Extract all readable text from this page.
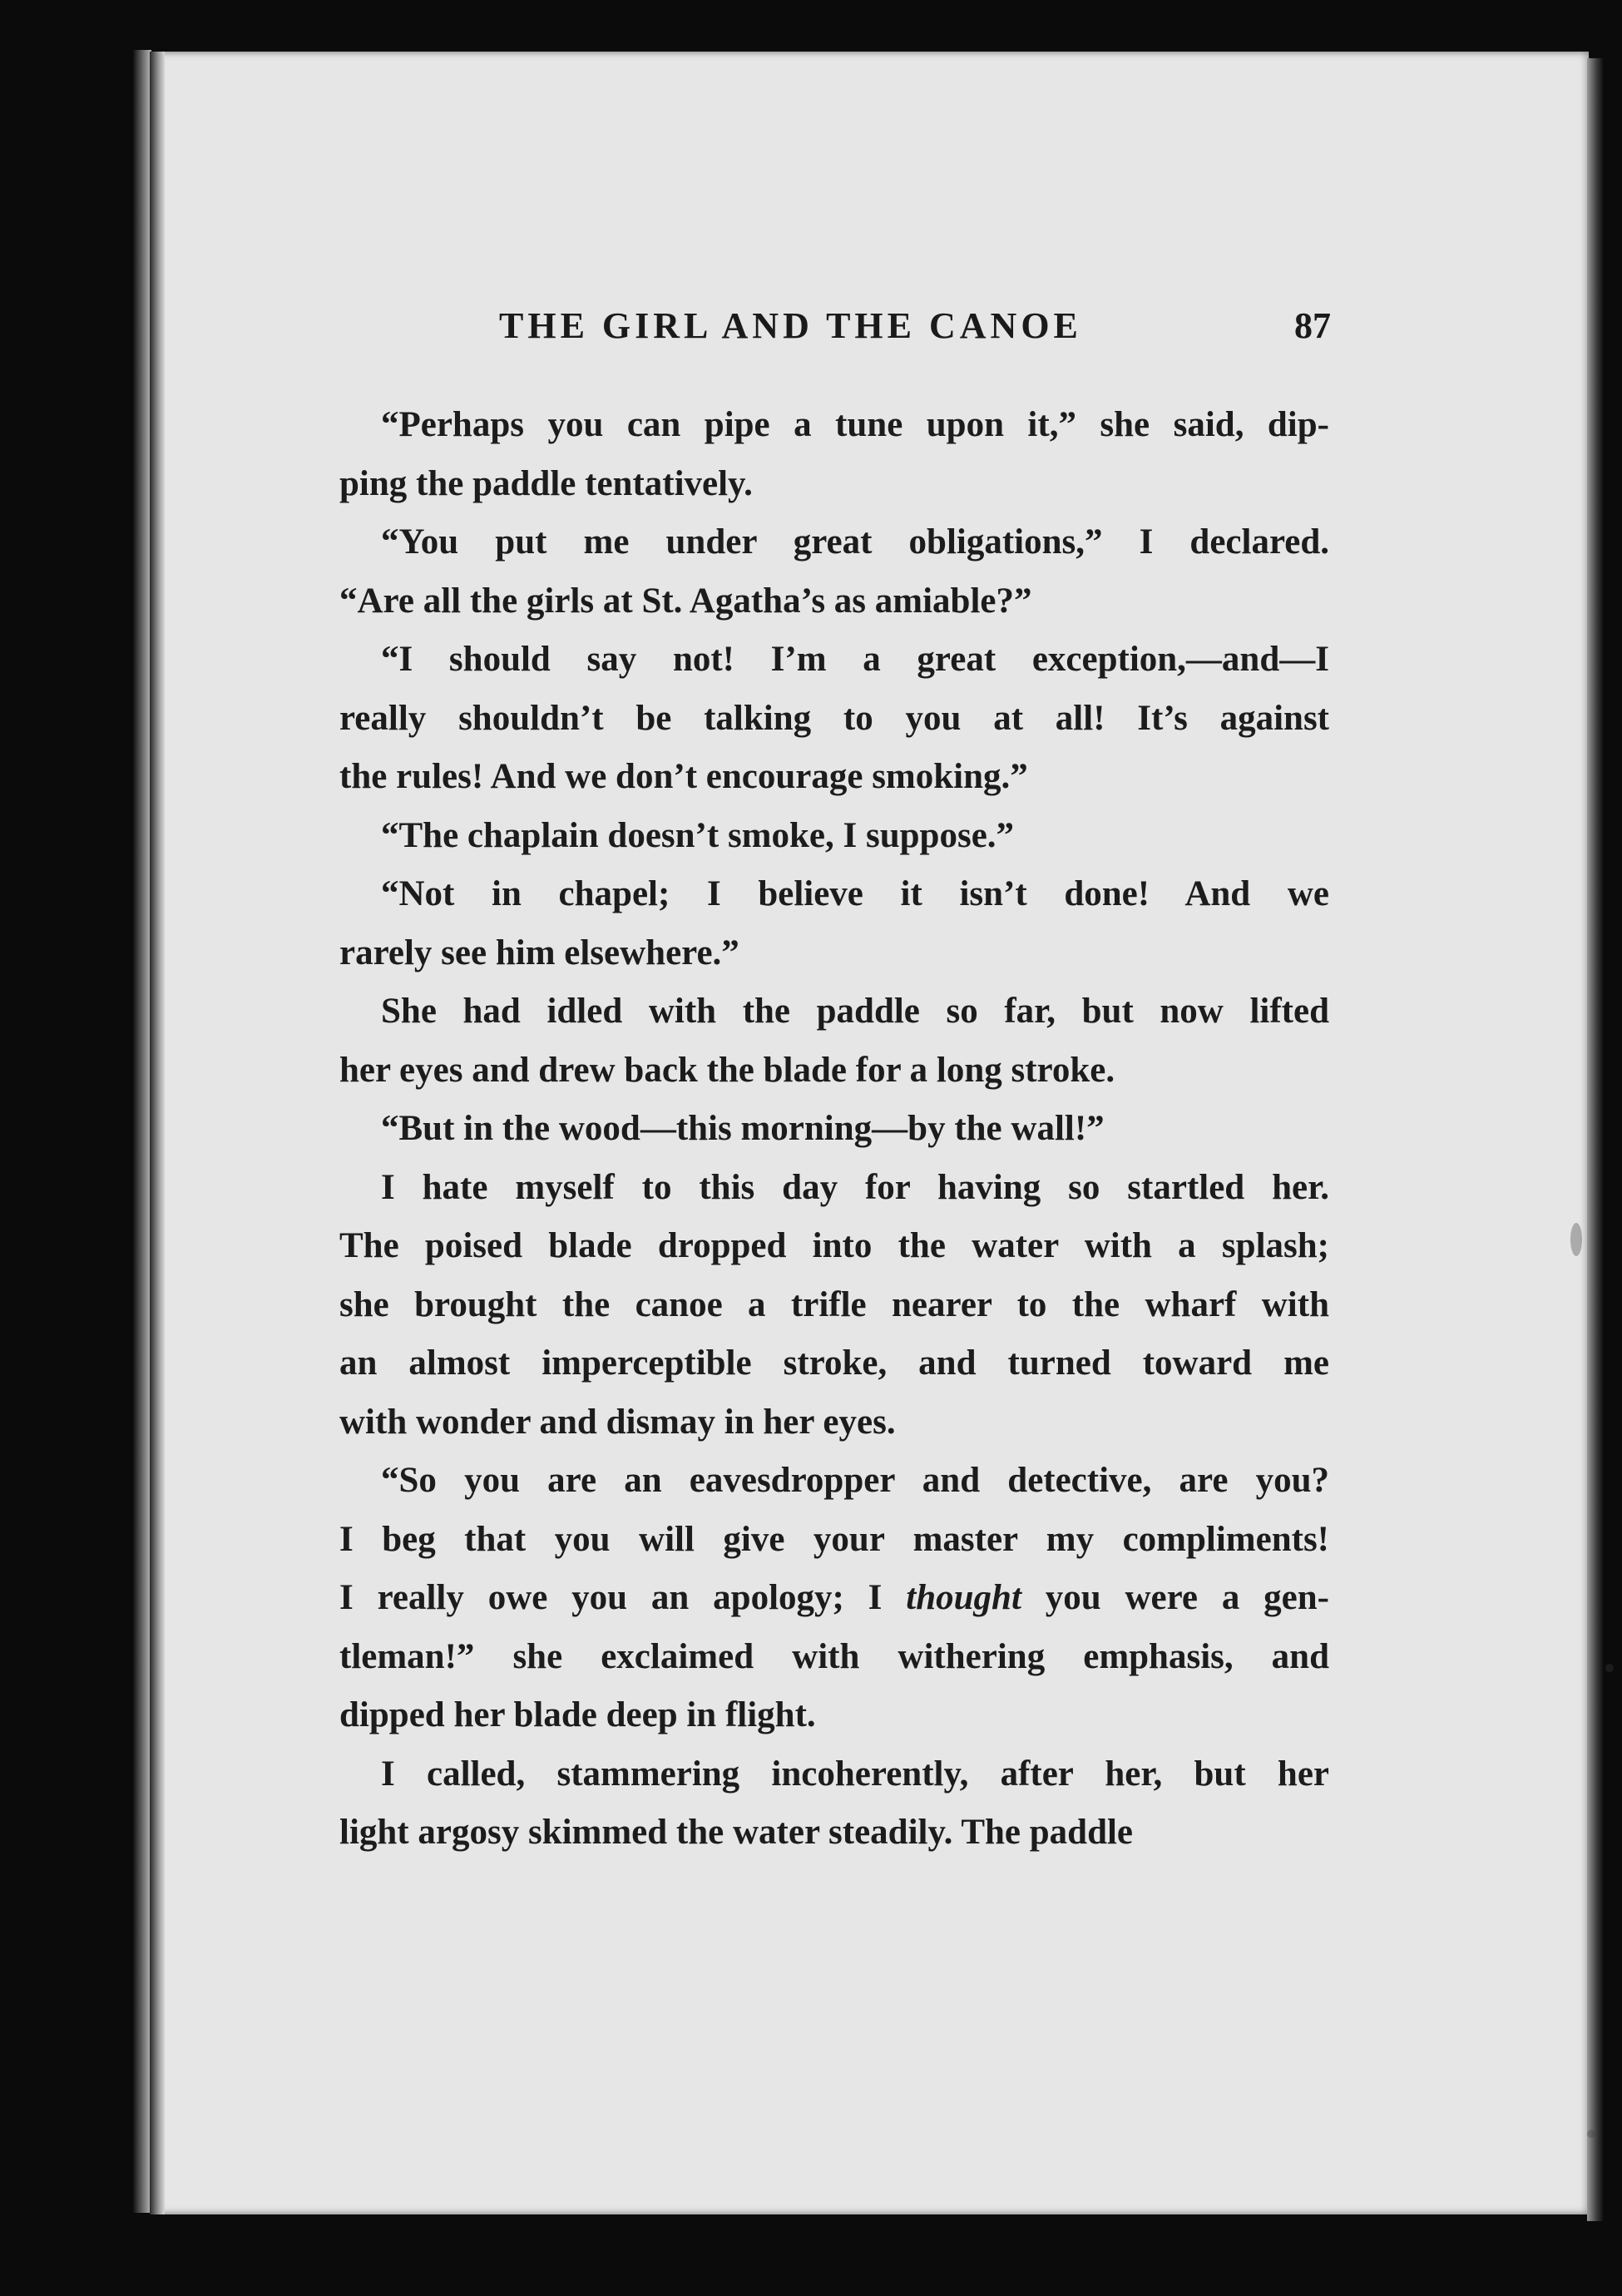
THE GIRL AND THE CANOE	87
“Perhaps you can pipe a tune upon it,” she said, dip-
ping the paddle tentatively.
“You put me under great obligations,” I declared.
“Are all the girls at St. Agatha’s as amiable?”
“I should say not! I’m a great exception,—and—I
really shouldn’t be talking to you at all! It’s against
the rules! And we don’t encourage smoking.”
“The chaplain doesn’t smoke, I suppose.”
“Not in chapel; I believe it isn’t done! And we
rarely see him elsewhere.”
She had idled with the paddle so far, but now lifted
her eyes and drew back the blade for a long stroke.
“But in the wood—this morning—by the wall!”
I hate myself to this day for having so startled her.
The poised blade dropped into the water with a splash;
she brought the canoe a trifle nearer to the wharf with
an almost imperceptible stroke, and turned toward me
with wonder and dismay in her eyes.
“So you are an eavesdropper and detective, are you?
I beg that you will give your master my compliments!
I really owe you an apology; I thought you were a gen-
tleman!” she exclaimed with withering emphasis, and
dipped her blade deep in flight.
I called, stammering incoherently, after her, but her
light argosy skimmed the water steadily. The paddle
